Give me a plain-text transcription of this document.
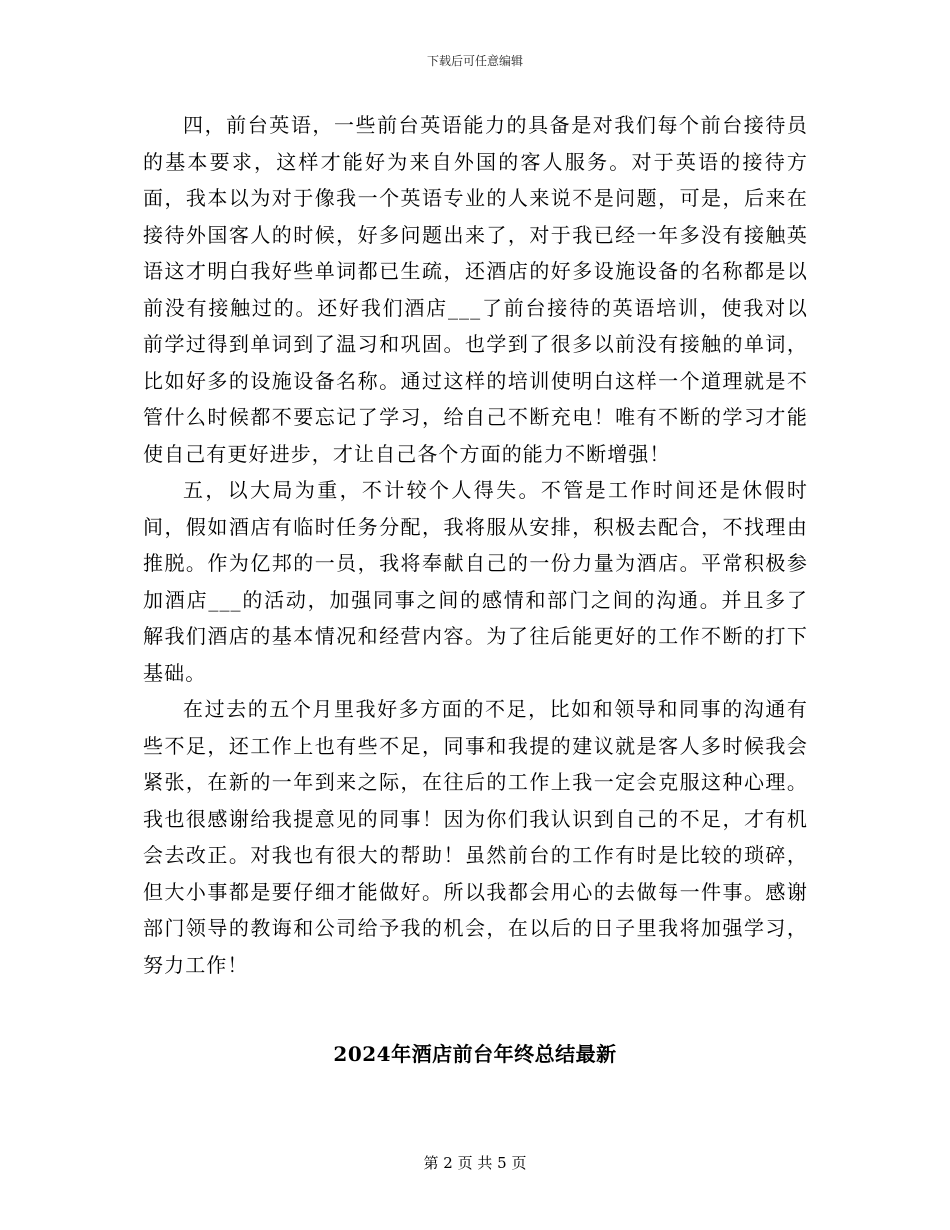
下载后可任意编辑

四，前台英语，一些前台英语能力的具备是对我们每个前台接待员的基本要求，这样才能好为来自外国的客人服务。对于英语的接待方面，我本以为对于像我一个英语专业的人来说不是问题，可是，后来在接待外国客人的时候，好多问题出来了，对于我已经一年多没有接触英语这才明白我好些单词都已生疏，还酒店的好多设施设备的名称都是以前没有接触过的。还好我们酒店___了前台接待的英语培训，使我对以前学过得到单词到了温习和巩固。也学到了很多以前没有接触的单词，比如好多的设施设备名称。通过这样的培训使明白这样一个道理就是不管什么时候都不要忘记了学习，给自己不断充电！唯有不断的学习才能使自己有更好进步，才让自己各个方面的能力不断增强！

五，以大局为重，不计较个人得失。不管是工作时间还是休假时间，假如酒店有临时任务分配，我将服从安排，积极去配合，不找理由推脱。作为亿邦的一员，我将奉献自己的一份力量为酒店。平常积极参加酒店___的活动，加强同事之间的感情和部门之间的沟通。并且多了解我们酒店的基本情况和经营内容。为了往后能更好的工作不断的打下基础。

在过去的五个月里我好多方面的不足，比如和领导和同事的沟通有些不足，还工作上也有些不足，同事和我提的建议就是客人多时候我会紧张，在新的一年到来之际，在往后的工作上我一定会克服这种心理。我也很感谢给我提意见的同事！因为你们我认识到自己的不足，才有机会去改正。对我也有很大的帮助！虽然前台的工作有时是比较的琐碎，但大小事都是要仔细才能做好。所以我都会用心的去做每一件事。感谢部门领导的教诲和公司给予我的机会，在以后的日子里我将加强学习，努力工作！

2024年酒店前台年终总结最新
第 2 页 共 5 页
